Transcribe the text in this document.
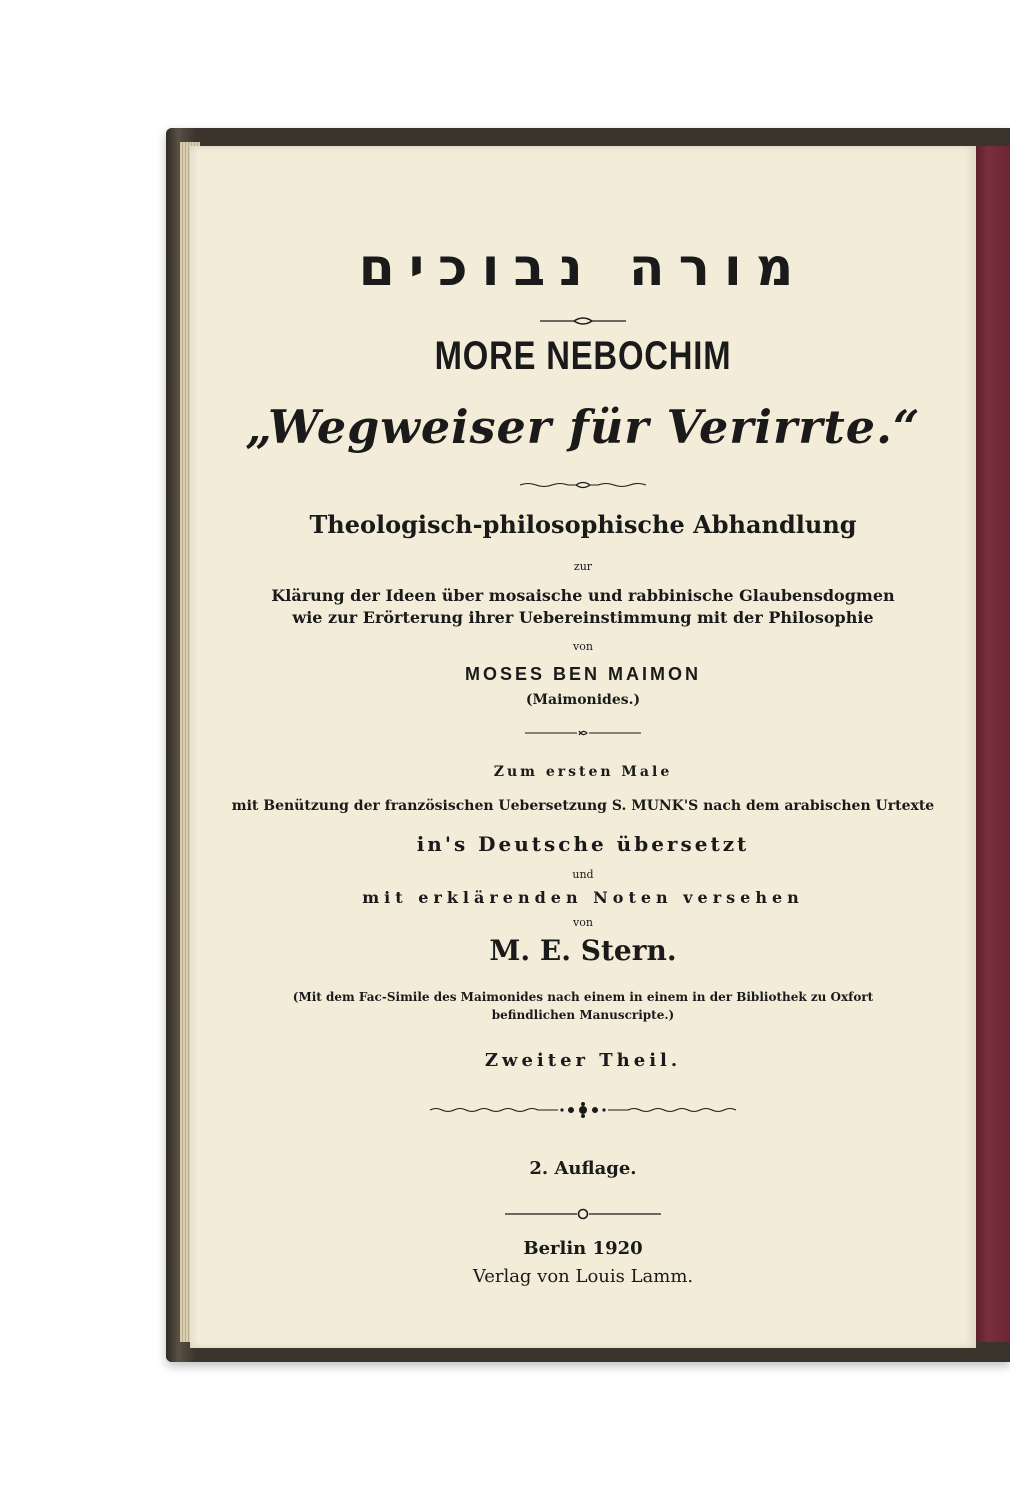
מורה נבוכים
MORE NEBOCHIM
„Wegweiser für Verirrte.“
Theologisch-philosophische Abhandlung
zur
Klärung der Ideen über mosaische und rabbinische Glaubensdogmen
wie zur Erörterung ihrer Uebereinstimmung mit der Philosophie
von
MOSES BEN MAIMON
(Maimonides.)
Zum ersten Male
mit Benützung der französischen Uebersetzung S. MUNK'S nach dem arabischen Urtexte
in's Deutsche übersetzt
und
mit erklärenden Noten versehen
von
M. E. Stern.
(Mit dem Fac-Simile des Maimonides nach einem in einem in der Bibliothek zu Oxfort
befindlichen Manuscripte.)
Zweiter Theil.
2. Auflage.
Berlin 1920
Verlag von Louis Lamm.
